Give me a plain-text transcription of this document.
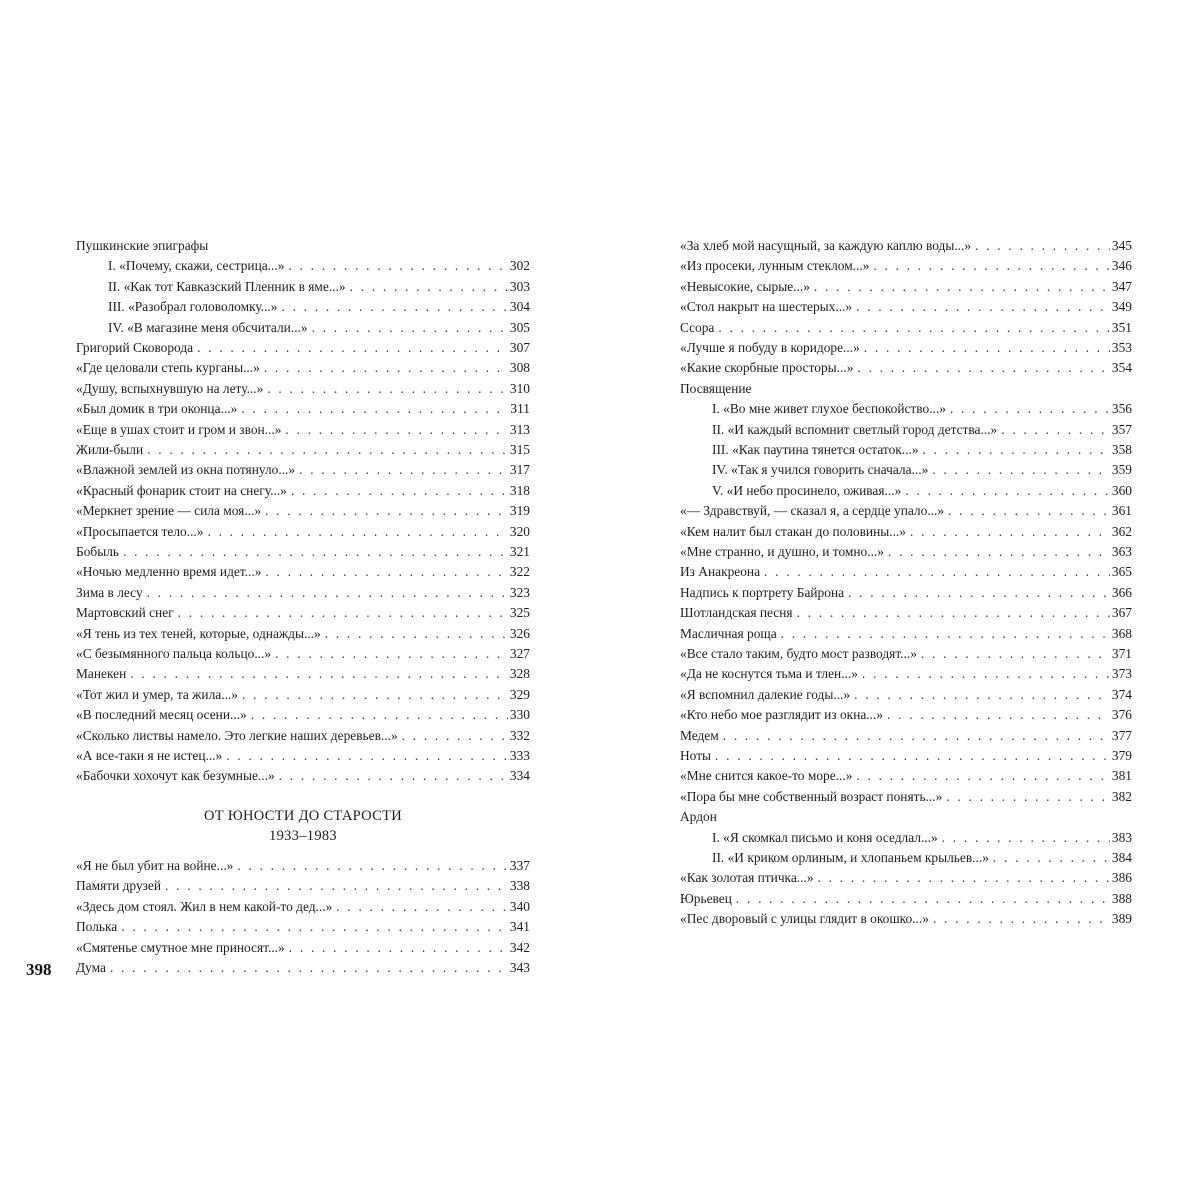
Пушкинские эпиграфы
I. «Почему, скажи, сестрица...» . . .	302
II. «Как тот Кавказский Пленник в яме...» . . .	303
III. «Разобрал головоломку...» . . .	304
IV. «В магазине меня обсчитали...» . . .	305
Григорий Сковорода . . .	307
«Где целовали степь курганы...» . . .	308
«Душу, вспыхнувшую на лету...» . . .	310
«Был домик в три оконца...» . . .	311
«Еще в ушах стоит и гром и звон...» . . .	313
Жили-были . . .	315
«Влажной землей из окна потянуло...» . . .	317
«Красный фонарик стоит на снегу...» . . .	318
«Меркнет зрение — сила моя...» . . .	319
«Просыпается тело...» . . .	320
Бобыль . . .	321
«Ночью медленно время идет...» . . .	322
Зима в лесу . . .	323
Мартовский снег . . .	325
«Я тень из тех теней, которые, однажды...» . . .	326
«С безымянного пальца кольцо...» . . .	327
Манекен . . .	328
«Тот жил и умер, та жила...» . . .	329
«В последний месяц осени...» . . .	330
«Сколько листвы намело. Это легкие наших деревьев...» . . .	332
«А все-таки я не истец...» . . .	333
«Бабочки хохочут как безумные...» . . .	334
ОТ ЮНОСТИ ДО СТАРОСТИ
1933–1983
«Я не был убит на войне...» . . .	337
Памяти друзей . . .	338
«Здесь дом стоял. Жил в нем какой-то дед...» . . .	340
Полька . . .	341
«Смятенье смутное мне приносят...» . . .	342
Дума . . .	343
«За хлеб мой насущный, за каждую каплю воды...» . . .	345
«Из просеки, лунным стеклом...» . . .	346
«Невысокие, сырые...» . . .	347
«Стол накрыт на шестерых...» . . .	349
Ссора . . .	351
«Лучше я побуду в коридоре...» . . .	353
«Какие скорбные просторы...» . . .	354
Посвящение
I. «Во мне живет глухое беспокойство...» . . .	356
II. «И каждый вспомнит светлый город детства...» . . .	357
III. «Как паутина тянется остаток...» . . .	358
IV. «Так я учился говорить сначала...» . . .	359
V. «И небо просинело, оживая...» . . .	360
«— Здравствуй, — сказал я, а сердце упало...» . . .	361
«Кем налит был стакан до половины...» . . .	362
«Мне странно, и душно, и томно...» . . .	363
Из Анакреона . . .	365
Надпись к портрету Байрона . . .	366
Шотландская песня . . .	367
Масличная роща . . .	368
«Все стало таким, будто мост разводят...» . . .	371
«Да не коснутся тьма и тлен...» . . .	373
«Я вспомнил далекие годы...» . . .	374
«Кто небо мое разглядит из окна...» . . .	376
Медем . . .	377
Ноты . . .	379
«Мне снится какое-то море...» . . .	381
«Пора бы мне собственный возраст понять...» . . .	382
Ардон
I. «Я скомкал письмо и коня оседлал...» . . .	383
II. «И криком орлиным, и хлопаньем крыльев...» . . .	384
«Как золотая птичка...» . . .	386
Юрьевец . . .	388
«Пес дворовый с улицы глядит в окошко...» . . .	389
398
